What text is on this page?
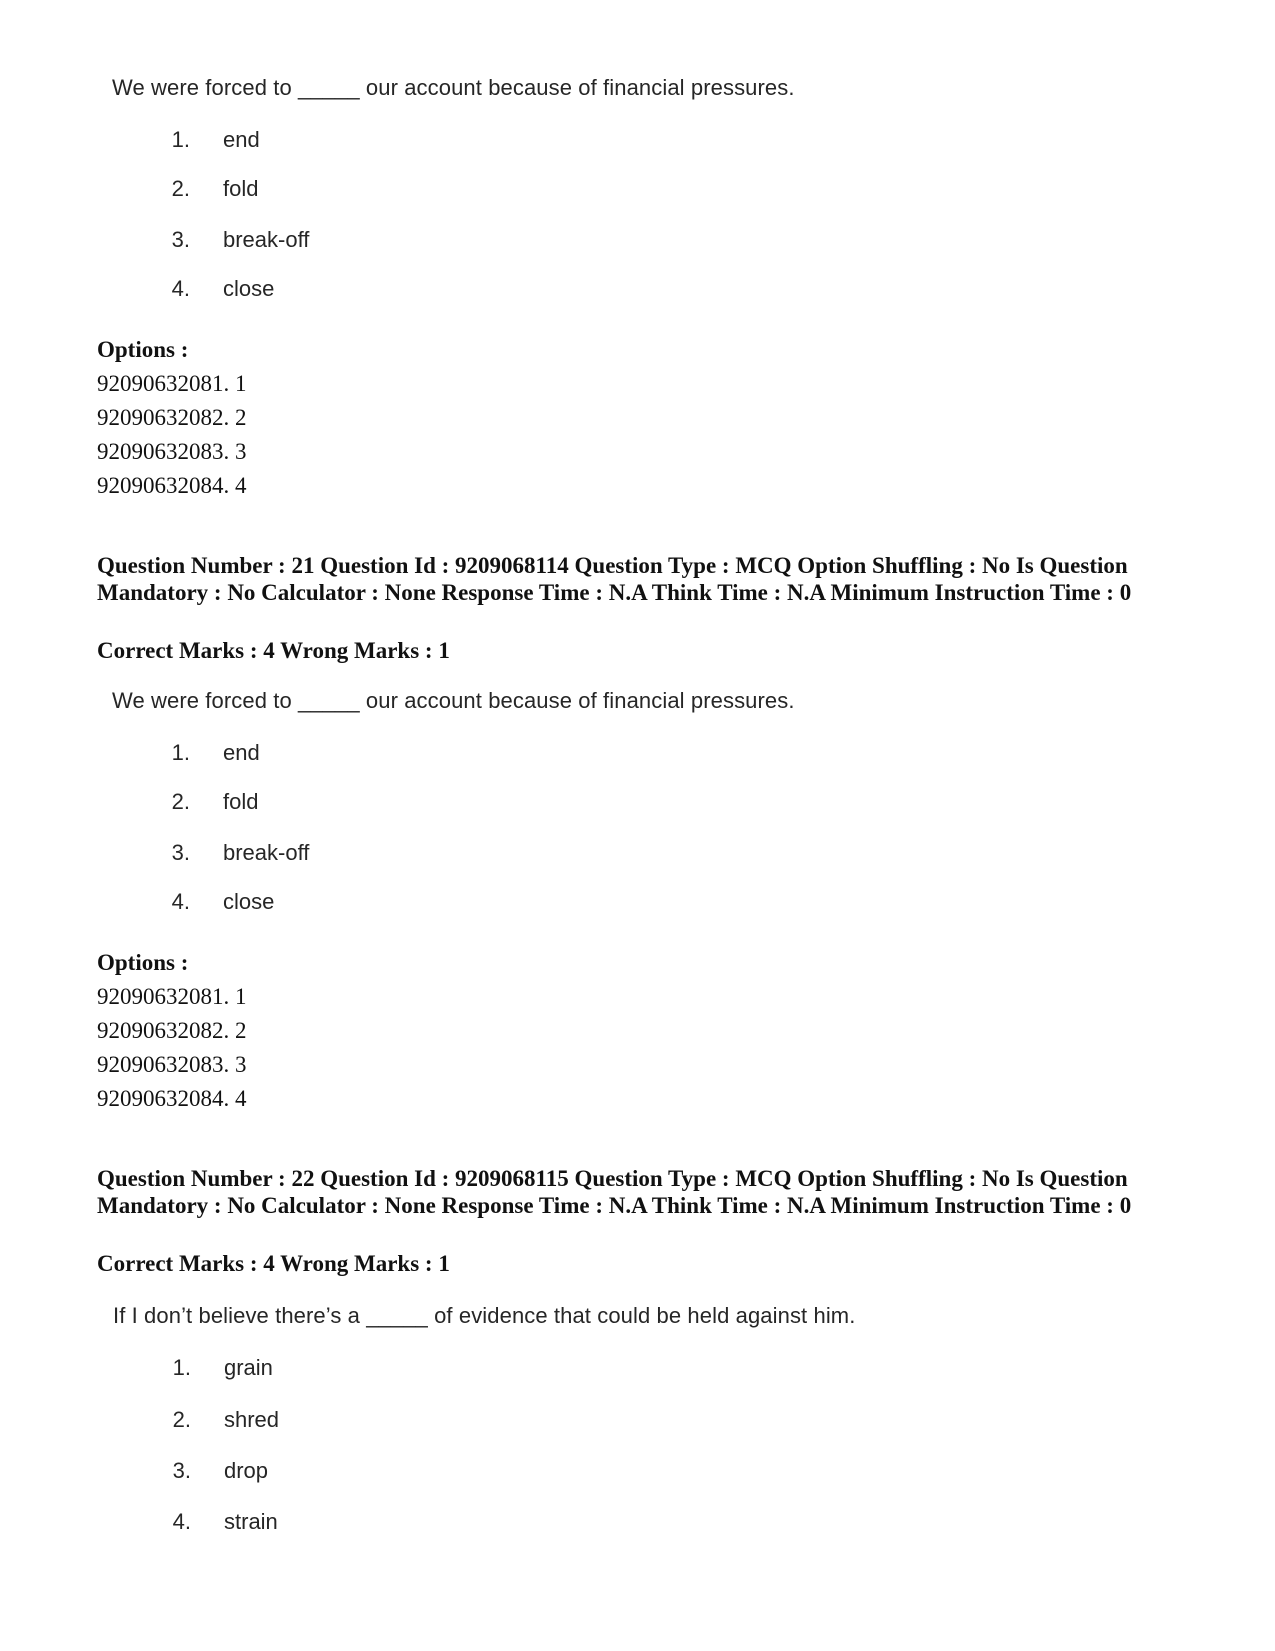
We were forced to _____ our account because of financial pressures.
1. end
2. fold
3. break-off
4. close
Options :
92090632081. 1
92090632082. 2
92090632083. 3
92090632084. 4
Question Number : 21 Question Id : 9209068114 Question Type : MCQ Option Shuffling : No Is Question Mandatory : No Calculator : None Response Time : N.A Think Time : N.A Minimum Instruction Time : 0
Correct Marks : 4 Wrong Marks : 1
We were forced to _____ our account because of financial pressures.
1. end
2. fold
3. break-off
4. close
Options :
92090632081. 1
92090632082. 2
92090632083. 3
92090632084. 4
Question Number : 22 Question Id : 9209068115 Question Type : MCQ Option Shuffling : No Is Question Mandatory : No Calculator : None Response Time : N.A Think Time : N.A Minimum Instruction Time : 0
Correct Marks : 4 Wrong Marks : 1
If I don’t believe there’s a _____ of evidence that could be held against him.
1. grain
2. shred
3. drop
4. strain
